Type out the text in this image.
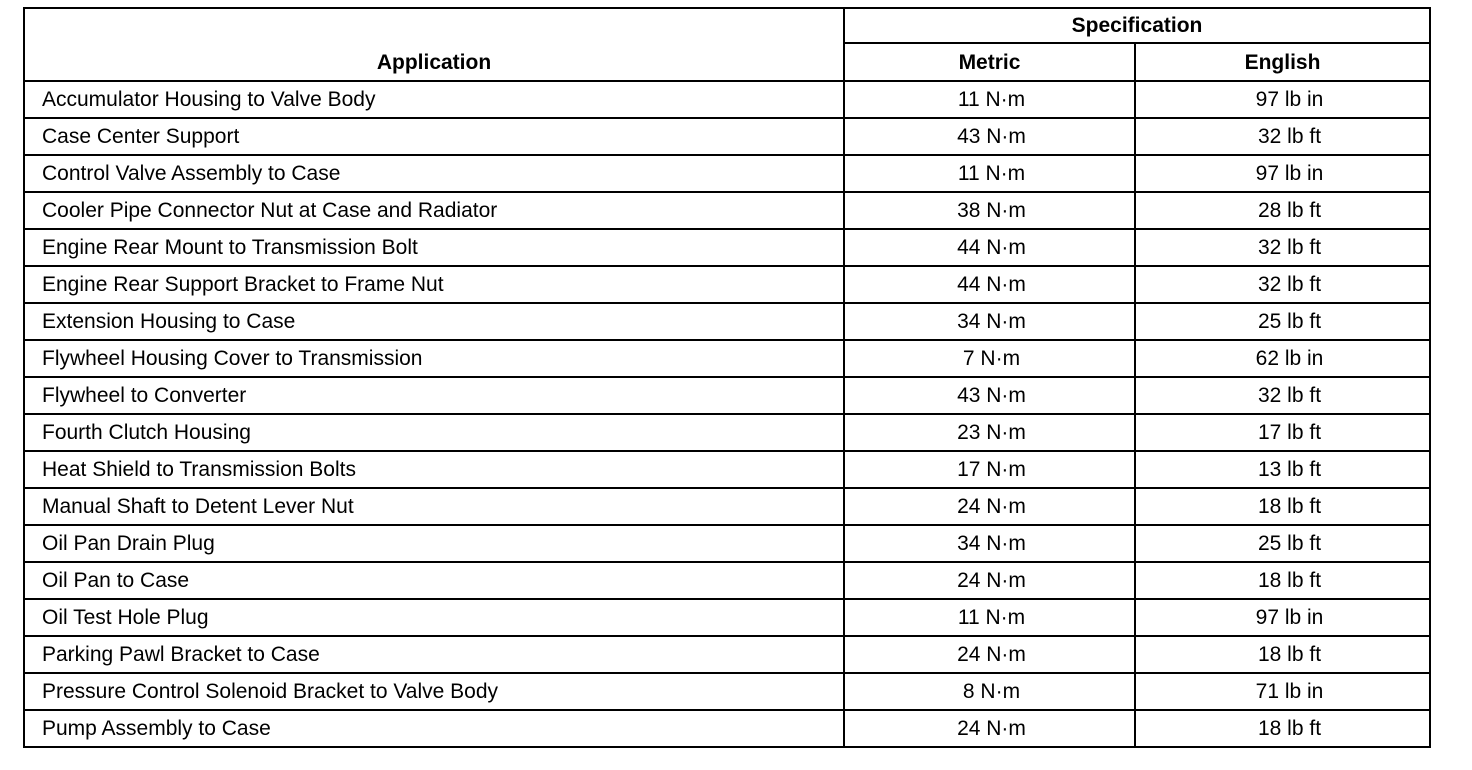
Application	Specification	
	Metric	English
Accumulator Housing to Valve Body	11 N·m	97 lb in
Case Center Support	43 N·m	32 lb ft
Control Valve Assembly to Case	11 N·m	97 lb in
Cooler Pipe Connector Nut at Case and Radiator	38 N·m	28 lb ft
Engine Rear Mount to Transmission Bolt	44 N·m	32 lb ft
Engine Rear Support Bracket to Frame Nut	44 N·m	32 lb ft
Extension Housing to Case	34 N·m	25 lb ft
Flywheel Housing Cover to Transmission	7 N·m	62 lb in
Flywheel to Converter	43 N·m	32 lb ft
Fourth Clutch Housing	23 N·m	17 lb ft
Heat Shield to Transmission Bolts	17 N·m	13 lb ft
Manual Shaft to Detent Lever Nut	24 N·m	18 lb ft
Oil Pan Drain Plug	34 N·m	25 lb ft
Oil Pan to Case	24 N·m	18 lb ft
Oil Test Hole Plug	11 N·m	97 lb in
Parking Pawl Bracket to Case	24 N·m	18 lb ft
Pressure Control Solenoid Bracket to Valve Body	8 N·m	71 lb in
Pump Assembly to Case	24 N·m	18 lb ft
